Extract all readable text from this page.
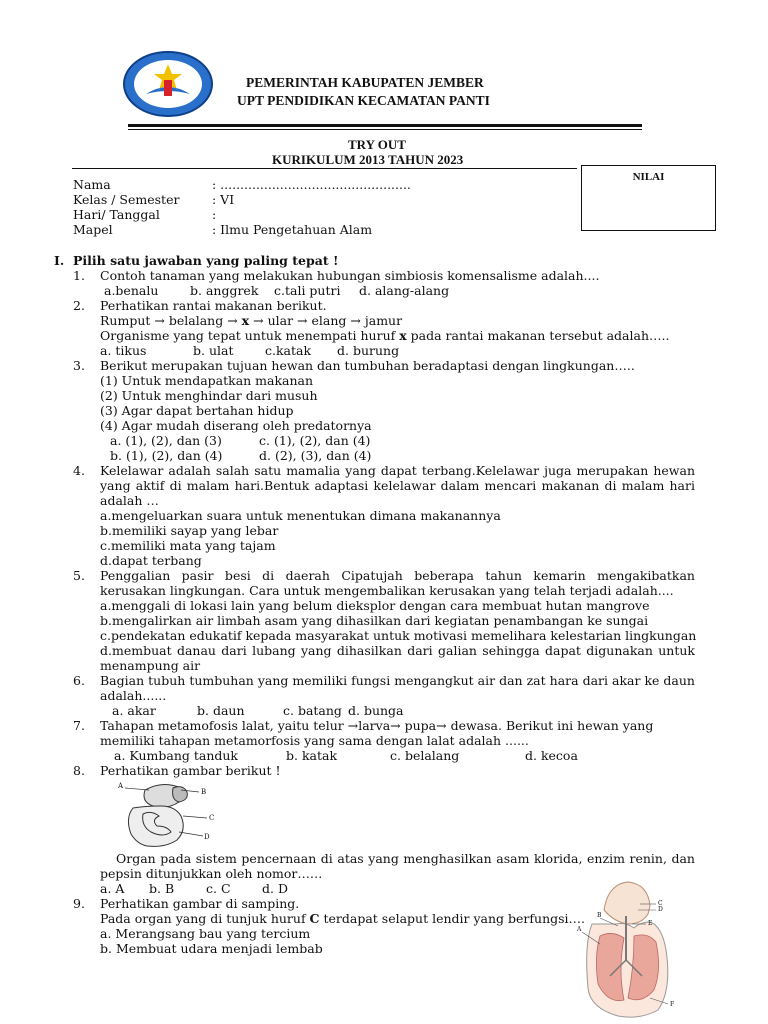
PEMERINTAH KABUPATEN JEMBER
UPT PENDIDIKAN KECAMATAN PANTI
TRY OUT
KURIKULUM 2013 TAHUN 2023
NILAI
Nama	: ................................................
Kelas / Semester	: VI
Hari/ Tanggal	:
Mapel	: Ilmu Pengetahuan Alam
I. Pilih satu jawaban yang paling tepat !
1. Contoh tanaman yang melakukan hubungan simbiosis komensalisme adalah....
a.benalu	b. anggrek c.tali putri d. alang-alang
2. Perhatikan rantai makanan berikut.
Rumput → belalang → x → ular → elang → jamur
Organisme yang tepat untuk menempati huruf x pada rantai makanan tersebut adalah…..
a. tikus	b. ulat	c.katak d. burung
3. Berikut merupakan tujuan hewan dan tumbuhan beradaptasi dengan lingkungan…..
(1) Untuk mendapatkan makanan
(2) Untuk menghindar dari musuh
(3) Agar dapat bertahan hidup
(4) Agar mudah diserang oleh predatornya
a. (1), (2), dan (3)	c. (1), (2), dan (4)
b. (1), (2), dan (4)	d. (2), (3), dan (4)
4. Kelelawar adalah salah satu mamalia yang dapat terbang.Kelelawar juga merupakan hewan yang aktif di malam hari.Bentuk adaptasi kelelawar dalam mencari makanan di malam hari adalah …
a.mengeluarkan suara untuk menentukan dimana makanannya
b.memiliki sayap yang lebar
c.memiliki mata yang tajam
d.dapat terbang
5. Penggalian pasir besi di daerah Cipatujah beberapa tahun kemarin mengakibatkan kerusakan lingkungan. Cara untuk mengembalikan kerusakan yang telah terjadi adalah....
a.menggali di lokasi lain yang belum dieksplor dengan cara membuat hutan mangrove
b.mengalirkan air limbah asam yang dihasilkan dari kegiatan penambangan ke sungai
c.pendekatan edukatif kepada masyarakat untuk motivasi memelihara kelestarian lingkungan
d.membuat danau dari lubang yang dihasilkan dari galian sehingga dapat digunakan untuk menampung air
6. Bagian tubuh tumbuhan yang memiliki fungsi mengangkut air dan zat hara dari akar ke daun adalah......
a. akar	b. daun	c. batang d. bunga
7. Tahapan metamofosis lalat, yaitu telur →larva→ pupa→ dewasa. Berikut ini hewan yang
memiliki tahapan metamorfosis yang sama dengan lalat adalah ......
a. Kumbang tanduk	b. katak	c. belalang	d. kecoa
8. Perhatikan gambar berikut !
A
B
C
D
Organ pada sistem pencernaan di atas yang menghasilkan asam klorida, enzim renin, dan pepsin ditunjukkan oleh nomor……
a. A b. B	c. C	d. D
9. Perhatikan gambar di samping.
Pada organ yang di tunjuk huruf C terdapat selaput lendir yang berfungsi….
a. Merangsang bau yang tercium
b. Membuat udara menjadi lembab
C
D
B
E
A
F
